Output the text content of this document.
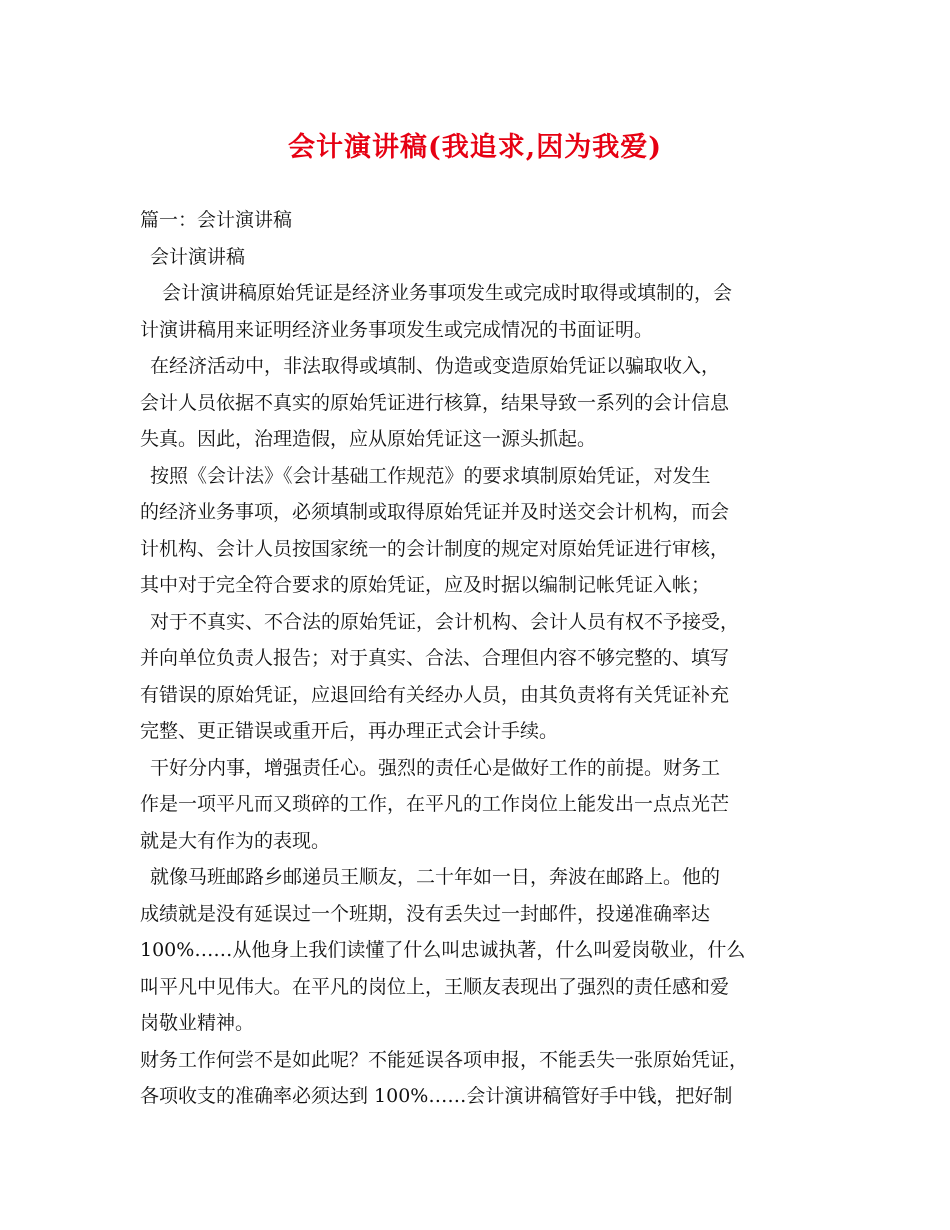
会计演讲稿(我追求,因为我爱)
篇一：会计演讲稿
会计演讲稿
会计演讲稿原始凭证是经济业务事项发生或完成时取得或填制的，会
计演讲稿用来证明经济业务事项发生或完成情况的书面证明。
在经济活动中，非法取得或填制、伪造或变造原始凭证以骗取收入，
会计人员依据不真实的原始凭证进行核算，结果导致一系列的会计信息
失真。因此，治理造假，应从原始凭证这一源头抓起。
按照《会计法》《会计基础工作规范》的要求填制原始凭证，对发生
的经济业务事项，必须填制或取得原始凭证并及时送交会计机构，而会
计机构、会计人员按国家统一的会计制度的规定对原始凭证进行审核，
其中对于完全符合要求的原始凭证，应及时据以编制记帐凭证入帐；
对于不真实、不合法的原始凭证，会计机构、会计人员有权不予接受，
并向单位负责人报告；对于真实、合法、合理但内容不够完整的、填写
有错误的原始凭证，应退回给有关经办人员，由其负责将有关凭证补充
完整、更正错误或重开后，再办理正式会计手续。
干好分内事，增强责任心。强烈的责任心是做好工作的前提。财务工
作是一项平凡而又琐碎的工作，在平凡的工作岗位上能发出一点点光芒
就是大有作为的表现。
就像马班邮路乡邮递员王顺友，二十年如一日，奔波在邮路上。他的
成绩就是没有延误过一个班期，没有丢失过一封邮件，投递准确率达
100%……从他身上我们读懂了什么叫忠诚执著，什么叫爱岗敬业，什么
叫平凡中见伟大。在平凡的岗位上，王顺友表现出了强烈的责任感和爱
岗敬业精神。
财务工作何尝不是如此呢？不能延误各项申报，不能丢失一张原始凭证，
各项收支的准确率必须达到 100%……会计演讲稿管好手中钱，把好制
